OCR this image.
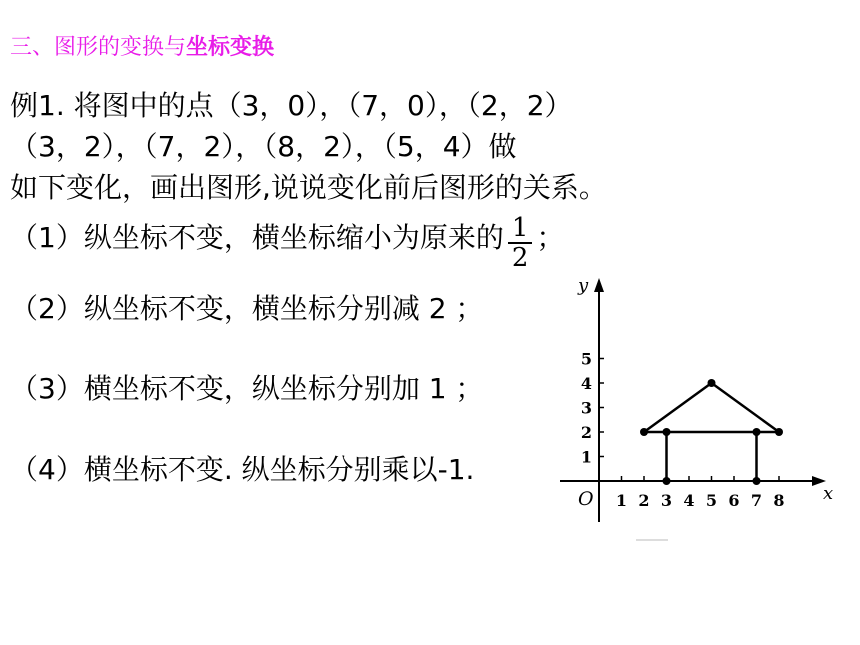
三、图形的变换与坐标变换
例1. 将图中的点（3，0），（7，0），（2，2）
（3，2），（7，2），（8，2），（5，4）做
如下变化，画出图形,说说变化前后图形的关系。
（1）纵坐标不变，横坐标缩小为原来的 $\frac{1}{2}$ ；
（2）纵坐标不变，横坐标分别减 2 ；
（3）横坐标不变，纵坐标分别加 1 ；
（4）横坐标不变. 纵坐标分别乘以-1.
x
y
O 1 2 3 4 5 6 7 8
1
2
3
4
5
